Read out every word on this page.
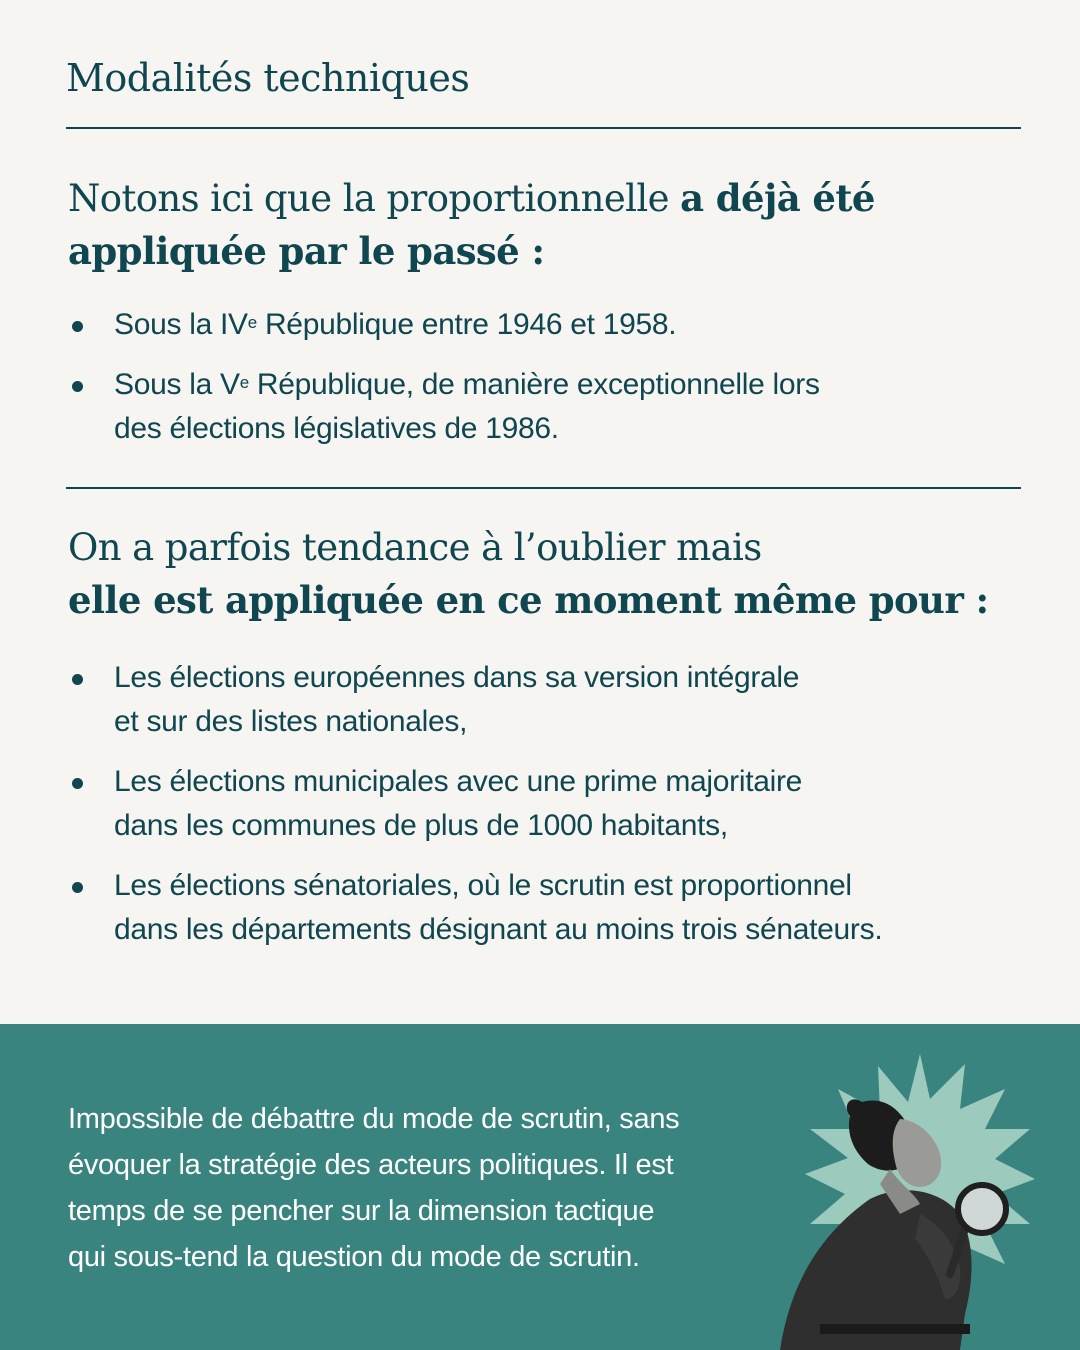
Modalités techniques

Notons ici que la proportionnelle a déjà été
appliquée par le passé :

Sous la IVe République entre 1946 et 1958.
Sous la Ve République, de manière exceptionnelle lors
des élections législatives de 1986.

On a parfois tendance à l’oublier mais
elle est appliquée en ce moment même pour :

Les élections européennes dans sa version intégrale
et sur des listes nationales,
Les élections municipales avec une prime majoritaire
dans les communes de plus de 1000 habitants,
Les élections sénatoriales, où le scrutin est proportionnel
dans les départements désignant au moins trois sénateurs.

Impossible de débattre du mode de scrutin, sans
évoquer la stratégie des acteurs politiques. Il est
temps de se pencher sur la dimension tactique
qui sous-tend la question du mode de scrutin.
